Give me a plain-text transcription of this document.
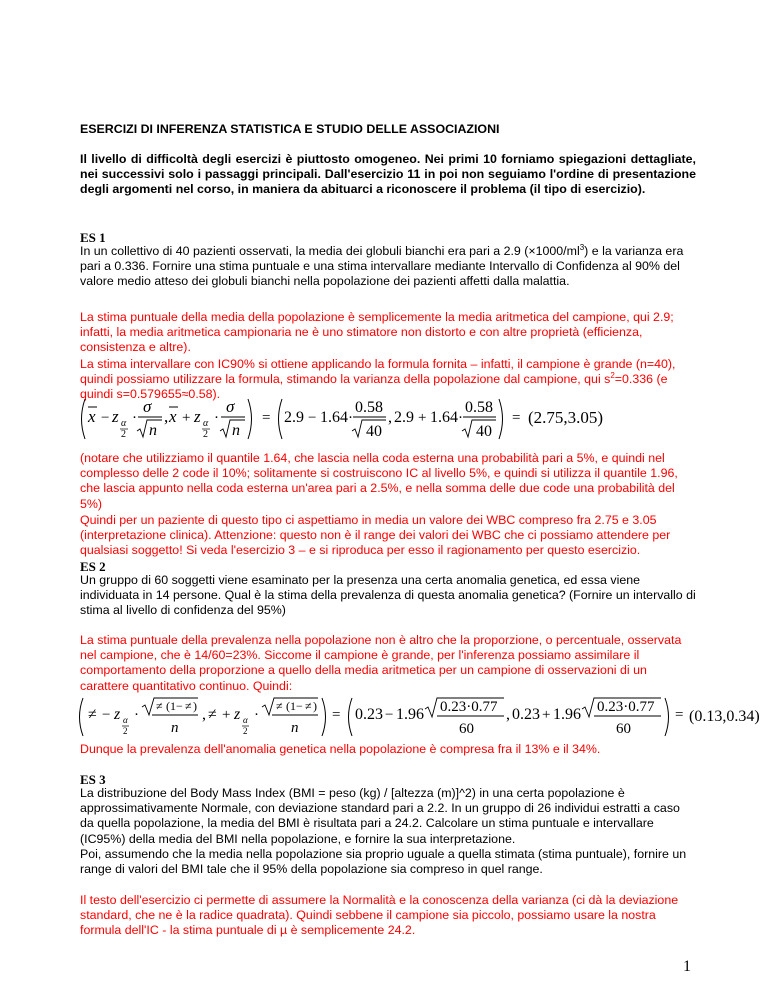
ESERCIZI DI INFERENZA STATISTICA E STUDIO DELLE ASSOCIAZIONI

Il livello di difficoltà degli esercizi è piuttosto omogeneo. Nei primi 10 forniamo spiegazioni dettagliate, nei successivi solo i passaggi principali. Dall'esercizio 11 in poi non seguiamo l'ordine di presentazione degli argomenti nel corso, in maniera da abituarci a riconoscere il problema (il tipo di esercizio).

ES 1

In un collettivo di 40 pazienti osservati, la media dei globuli bianchi era pari a 2.9 $(\times 1000/ml^3)$ e la varianza era pari a 0.336. Fornire una stima puntuale e una stima intervallare mediante Intervallo di Confidenza al 90% del valore medio atteso dei globuli bianchi nella popolazione dei pazienti affetti dalla malattia.

La stima puntuale della media della popolazione è semplicemente la media aritmetica del campione, qui 2.9; infatti, la media aritmetica campionaria ne è uno stimatore non distorto e con altre proprietà (efficienza, consistenza e altre).

La stima intervallare con IC90% si ottiene applicando la formula fornita – infatti, il campione è grande (n=40), quindi possiamo utilizzare la formula, stimando la varianza della popolazione dal campione, qui $s^2=0.336$ (e quindi s=0.579655≈0.58).

x − z α
2
·
σ
n
, x + z α
2
·
σ
n
= 2.9 − 1.64 ·
0.58
40
, 2.9 + 1.64 ·
0.58
40
= (2.75,3.05)

(notare che utilizziamo il quantile 1.64, che lascia nella coda esterna una probabilità pari a 5%, e quindi nel complesso delle 2 code il 10%; solitamente si costruiscono IC al livello 5%, e quindi si utilizza il quantile 1.96, che lascia appunto nella coda esterna un'area pari a 2.5%, e nella somma delle due code una probabilità del 5%)

Quindi per un paziente di questo tipo ci aspettiamo in media un valore dei WBC compreso fra 2.75 e 3.05 (interpretazione clinica). Attenzione: questo non è il range dei valori dei WBC che ci possiamo attendere per qualsiasi soggetto! Si veda l'esercizio 3 – e si riproduca per esso il ragionamento per questo esercizio.

ES 2

Un gruppo di 60 soggetti viene esaminato per la presenza una certa anomalia genetica, ed essa viene individuata in 14 persone. Qual è la stima della prevalenza di questa anomalia genetica? (Fornire un intervallo di stima al livello di confidenza del 95%)

La stima puntuale della prevalenza nella popolazione non è altro che la proporzione, o percentuale, osservata nel campione, che è 14/60=23%. Siccome il campione è grande, per l'inferenza possiamo assimilare il comportamento della proporzione a quello della media aritmetica per un campione di osservazioni di un carattere quantitativo continuo. Quindi:

≠ − z α
2
·
≠ (1− ≠ )
n
, ≠ + z α
2
·
≠ (1− ≠ )
n
= 0.23 − 1.96 0.23·0.77
60
, 0.23 + 1.96 0.23·0.77
60
= (0.13,0.34)

Dunque la prevalenza dell'anomalia genetica nella popolazione è compresa fra il 13% e il 34%.

ES 3

La distribuzione del Body Mass Index (BMI = peso (kg) / [altezza (m)]^2) in una certa popolazione è approssimativamente Normale, con deviazione standard pari a 2.2. In un gruppo di 26 individui estratti a caso da quella popolazione, la media del BMI è risultata pari a 24.2. Calcolare un stima puntuale e intervallare (IC95%) della media del BMI nella popolazione, e fornire la sua interpretazione.

Poi, assumendo che la media nella popolazione sia proprio uguale a quella stimata (stima puntuale), fornire un range di valori del BMI tale che il 95% della popolazione sia compreso in quel range.

Il testo dell'esercizio ci permette di assumere la Normalità e la conoscenza della varianza (ci dà la deviazione standard, che ne è la radice quadrata). Quindi sebbene il campione sia piccolo, possiamo usare la nostra formula dell'IC - la stima puntuale di µ è semplicemente 24.2.

1
